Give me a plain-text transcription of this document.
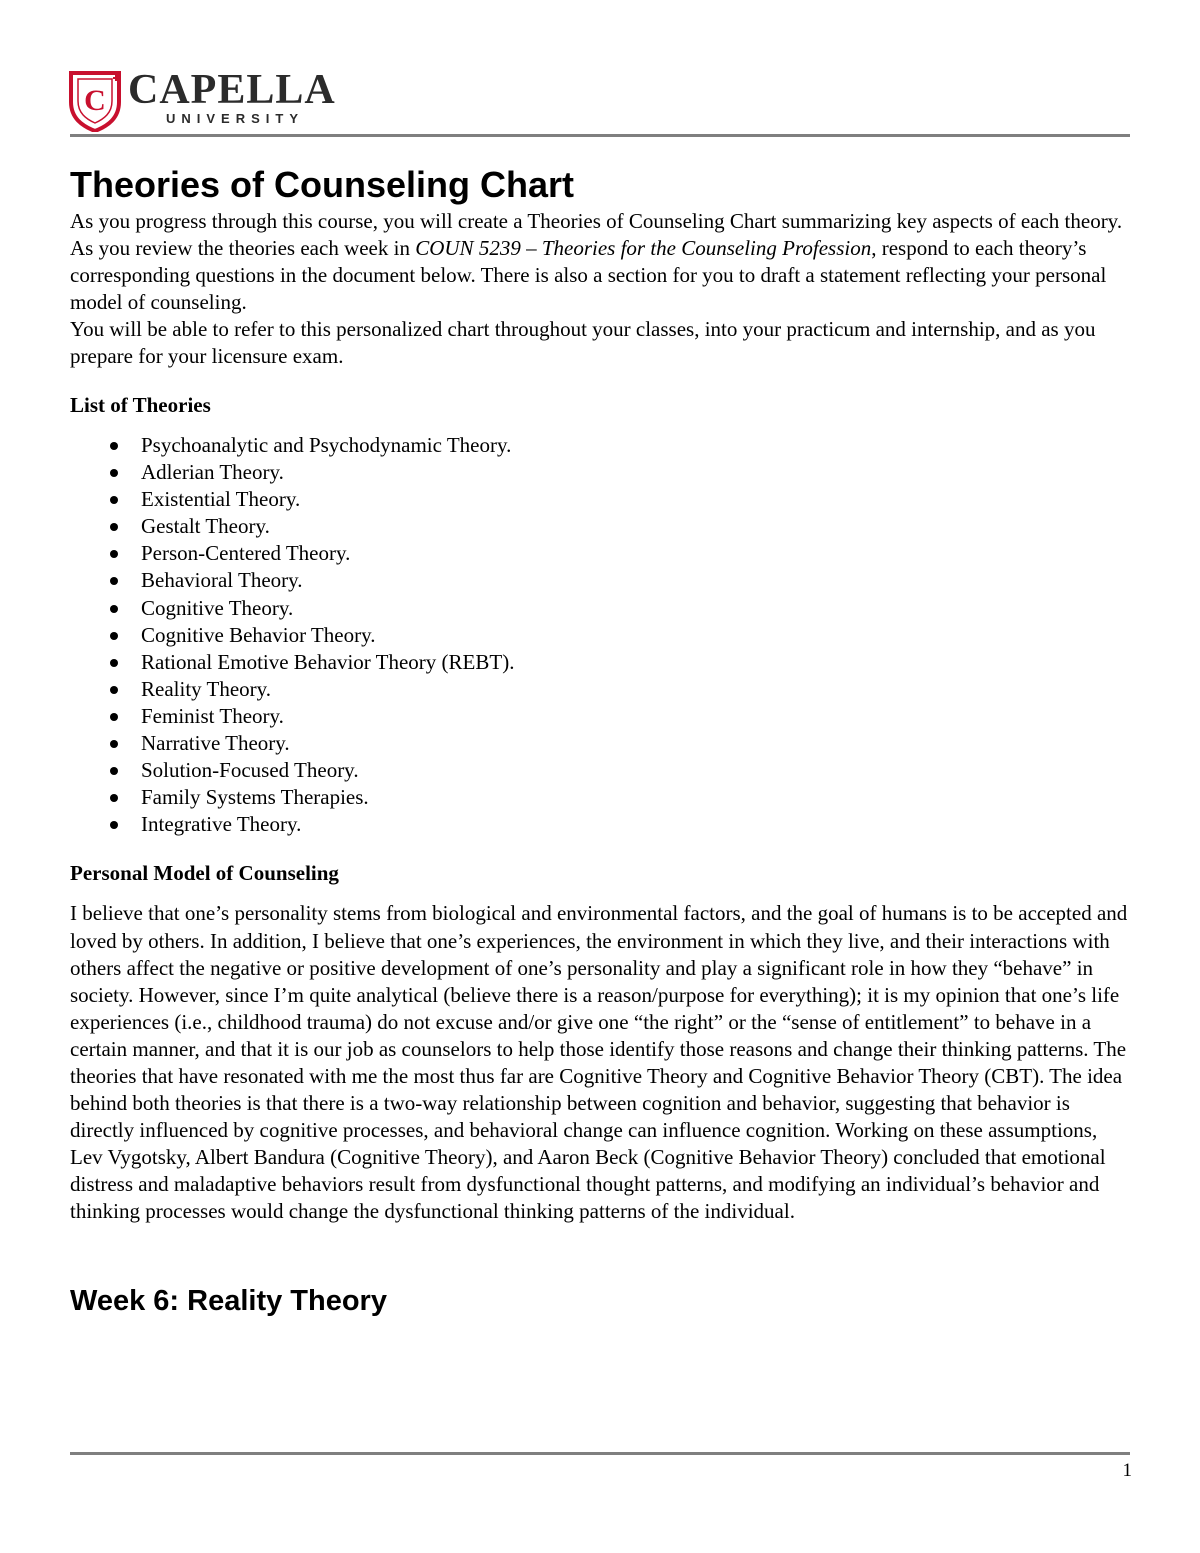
C CAPELLA
UNIVERSITY
Theories of Counseling Chart

As you progress through this course, you will create a Theories of Counseling Chart summarizing key aspects of each theory. As you review the theories each week in COUN 5239 – Theories for the Counseling Profession, respond to each theory’s corresponding questions in the document below. There is also a section for you to draft a statement reflecting your personal model of counseling.

You will be able to refer to this personalized chart throughout your classes, into your practicum and internship, and as you prepare for your licensure exam.

List of Theories
Psychoanalytic and Psychodynamic Theory.
Adlerian Theory.
Existential Theory.
Gestalt Theory.
Person-Centered Theory.
Behavioral Theory.
Cognitive Theory.
Cognitive Behavior Theory.
Rational Emotive Behavior Theory (REBT).
Reality Theory.
Feminist Theory.
Narrative Theory.
Solution-Focused Theory.
Family Systems Therapies.
Integrative Theory.
Personal Model of Counseling

I believe that one’s personality stems from biological and environmental factors, and the goal of humans is to be accepted and loved by others. In addition, I believe that one’s experiences, the environment in which they live, and their interactions with others affect the negative or positive development of one’s personality and play a significant role in how they “behave” in society. However, since I’m quite analytical (believe there is a reason/purpose for everything); it is my opinion that one’s life experiences (i.e., childhood trauma) do not excuse and/or give one “the right” or the “sense of entitlement” to behave in a certain manner, and that it is our job as counselors to help those identify those reasons and change their thinking patterns. The theories that have resonated with me the most thus far are Cognitive Theory and Cognitive Behavior Theory (CBT). The idea behind both theories is that there is a two-way relationship between cognition and behavior, suggesting that behavior is directly influenced by cognitive processes, and behavioral change can influence cognition. Working on these assumptions, Lev Vygotsky, Albert Bandura (Cognitive Theory), and Aaron Beck (Cognitive Behavior Theory) concluded that emotional distress and maladaptive behaviors result from dysfunctional thought patterns, and modifying an individual’s behavior and thinking processes would change the dysfunctional thinking patterns of the individual.

Week 6: Reality Theory
1
